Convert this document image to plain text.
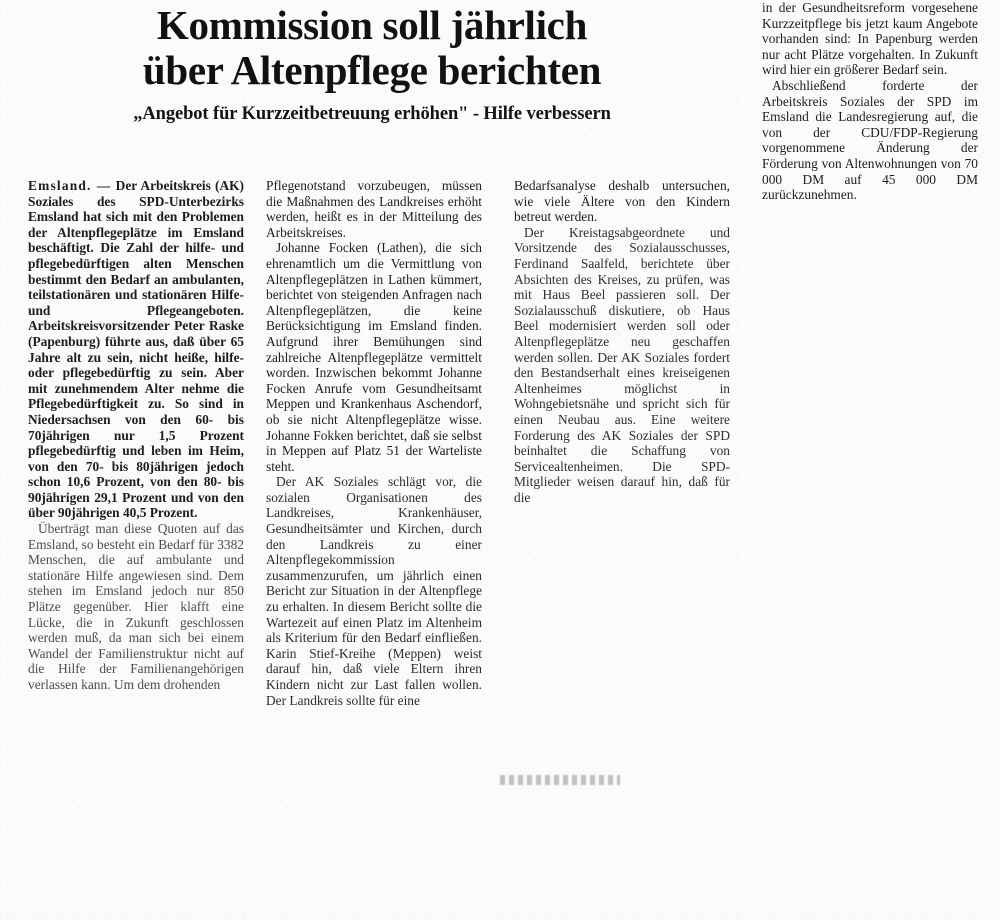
Kommission soll jährlich
über Altenpflege berichten
„Angebot für Kurzzeitbetreuung erhöhen" - Hilfe verbessern

Emsland. — Der Arbeitskreis (AK) Soziales des SPD-Unterbezirks Emsland hat sich mit den Problemen der Altenpflegeplätze im Emsland beschäftigt. Die Zahl der hilfe- und pflegebedürftigen alten Menschen bestimmt den Bedarf an ambulanten, teilstationären und stationären Hilfe- und Pflegeangeboten. Arbeitskreisvorsitzender Peter Raske (Papenburg) führte aus, daß über 65 Jahre alt zu sein, nicht heiße, hilfe- oder pflegebedürftig zu sein. Aber mit zunehmendem Alter nehme die Pflegebedürftigkeit zu. So sind in Niedersachsen von den 60- bis 70jährigen nur 1,5 Prozent pflegebedürftig und leben im Heim, von den 70- bis 80jährigen jedoch schon 10,6 Prozent, von den 80- bis 90jährigen 29,1 Prozent und von den über 90jährigen 40,5 Prozent.

Überträgt man diese Quoten auf das Emsland, so besteht ein Bedarf für 3382 Menschen, die auf ambulante und stationäre Hilfe angewiesen sind. Dem stehen im Emsland jedoch nur 850 Plätze gegenüber. Hier klafft eine Lücke, die in Zukunft geschlossen werden muß, da man sich bei einem Wandel der Familienstruktur nicht auf die Hilfe der Familienangehörigen verlassen kann. Um dem drohenden

Pflegenotstand vorzubeugen, müssen die Maßnahmen des Landkreises erhöht werden, heißt es in der Mitteilung des Arbeitskreises.

Johanne Focken (Lathen), die sich ehrenamtlich um die Vermittlung von Altenpflegeplätzen in Lathen kümmert, berichtet von steigenden Anfragen nach Altenpflegeplätzen, die keine Berücksichtigung im Emsland finden. Aufgrund ihrer Bemühungen sind zahlreiche Altenpflegeplätze vermittelt worden. Inzwischen bekommt Johanne Focken Anrufe vom Gesundheitsamt Meppen und Krankenhaus Aschendorf, ob sie nicht Altenpflegeplätze wisse. Johanne Fokken berichtet, daß sie selbst in Meppen auf Platz 51 der Warteliste steht.

Der AK Soziales schlägt vor, die sozialen Organisationen des Landkreises, Krankenhäuser, Gesundheitsämter und Kirchen, durch den Landkreis zu einer Altenpflegekommission zusammenzurufen, um jährlich einen Bericht zur Situation in der Altenpflege zu erhalten. In diesem Bericht sollte die Wartezeit auf einen Platz im Altenheim als Kriterium für den Bedarf einfließen. Karin Stief-Kreihe (Meppen) weist darauf hin, daß viele Eltern ihren Kindern nicht zur Last fallen wollen. Der Landkreis sollte für eine

Bedarfsanalyse deshalb untersuchen, wie viele Ältere von den Kindern betreut werden.

Der Kreistagsabgeordnete und Vorsitzende des Sozialausschusses, Ferdinand Saalfeld, berichtete über Absichten des Kreises, zu prüfen, was mit Haus Beel passieren soll. Der Sozialausschuß diskutiere, ob Haus Beel modernisiert werden soll oder Altenpflegeplätze neu geschaffen werden sollen. Der AK Soziales fordert den Bestandserhalt eines kreiseigenen Altenheimes möglichst in Wohngebietsnähe und spricht sich für einen Neubau aus. Eine weitere Forderung des AK Soziales der SPD beinhaltet die Schaffung von Servicealtenheimen. Die SPD-Mitglieder weisen darauf hin, daß für die

in der Gesundheitsreform vorgesehene Kurzzeitpflege bis jetzt kaum Angebote vorhanden sind: In Papenburg werden nur acht Plätze vorgehalten. In Zukunft wird hier ein größerer Bedarf sein.

Abschließend forderte der Arbeitskreis Soziales der SPD im Emsland die Landesregierung auf, die von der CDU/FDP-Regierung vorgenommene Änderung der Förderung von Altenwohnungen von 70 000 DM auf 45 000 DM zurückzunehmen.
